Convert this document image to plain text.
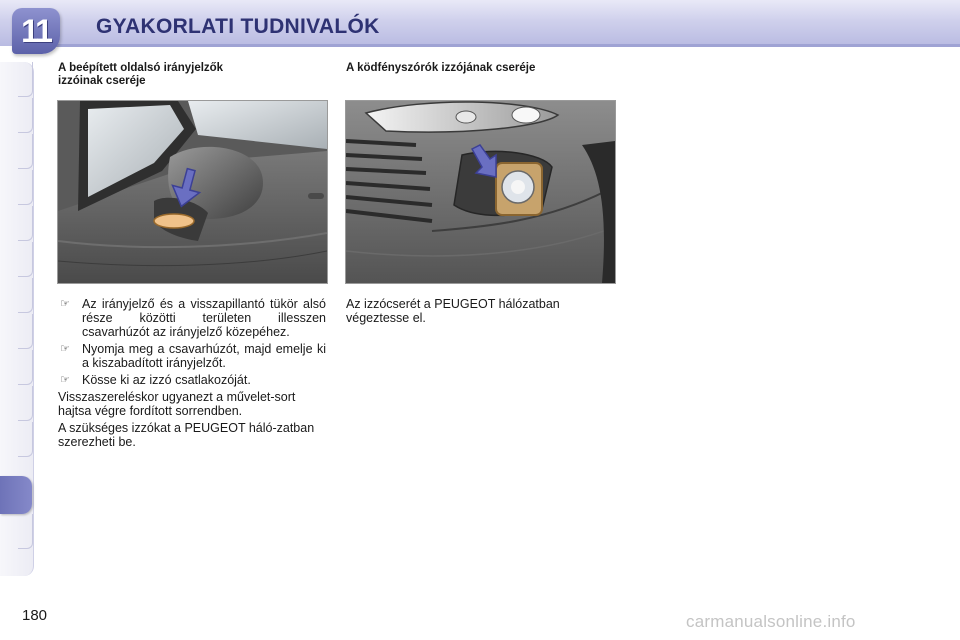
11	GYAKORLATI TUDNIVALÓK
A beépített oldalsó irányjelzők
izzóinak cseréje
A ködfényszórók izzójának cseréje
☞ Az irányjelző és a visszapillantó tükör alsó része közötti területen illesszen csavarhúzót az irányjelző közepéhez.
☞ Nyomja meg a csavarhúzót, majd emelje ki a kiszabadított irányjelzőt.
☞ Kösse ki az izzó csatlakozóját.
Visszaszereléskor ugyanezt a művelet-sort hajtsa végre fordított sorrendben.
A szükséges izzókat a PEUGEOT háló-zatban szerezheti be.
Az izzócserét a PEUGEOT hálózatban végeztesse el.
180	carmanualsonline.info
